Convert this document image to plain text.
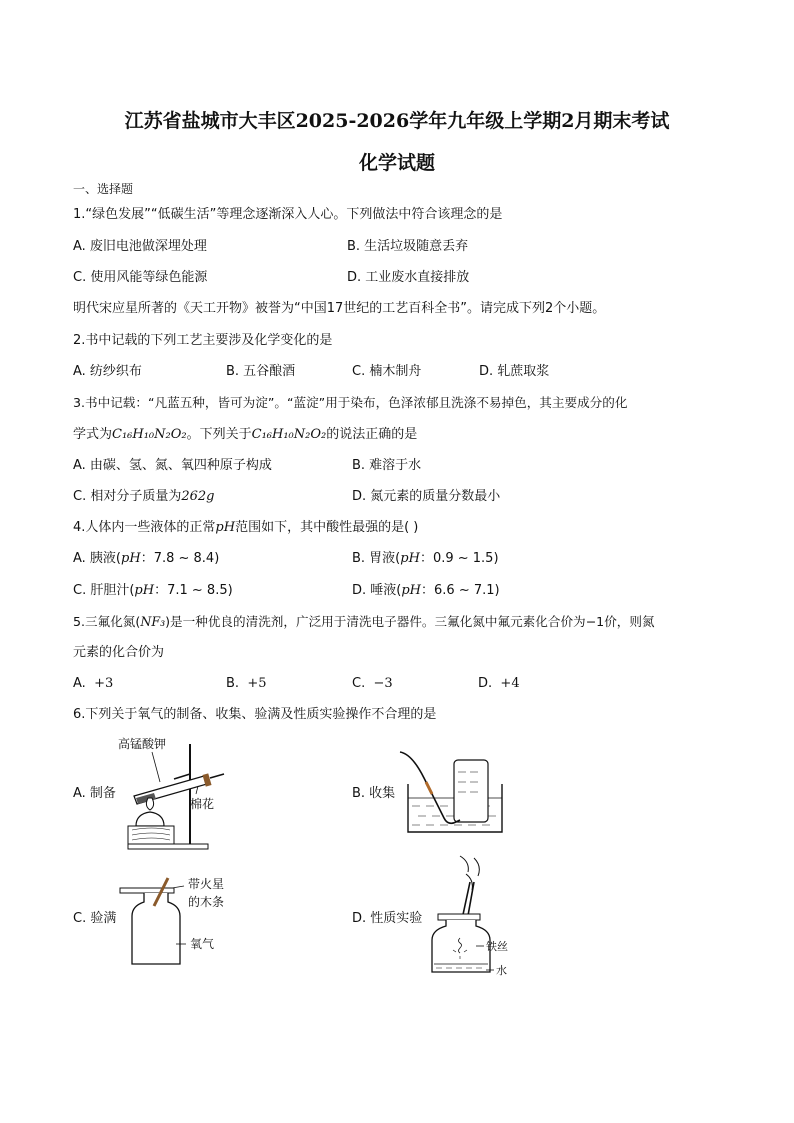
江苏省盐城市大丰区2025-2026学年九年级上学期2月期末考试
化学试题
一、选择题
1.“绿色发展”“低碳生活”等理念逐渐深入人心。下列做法中符合该理念的是
A. 废旧电池做深埋处理	B. 生活垃圾随意丢弃
C. 使用风能等绿色能源	D. 工业废水直接排放
明代宋应星所著的《天工开物》被誉为“中国17世纪的工艺百科全书”。请完成下列2个小题。
2.书中记载的下列工艺主要涉及化学变化的是
A. 纺纱织布	B. 五谷酿酒	C. 楠木制舟	D. 轧蔗取浆
3.书中记载：“凡蓝五种，皆可为淀”。“蓝淀”用于染布，色泽浓郁且洗涤不易掉色，其主要成分的化
学式为C₁₆H₁₀N₂O₂。下列关于C₁₆H₁₀N₂O₂的说法正确的是
A. 由碳、氢、氮、氧四种原子构成	B. 难溶于水
C. 相对分子质量为262g	D. 氮元素的质量分数最小
4.人体内一些液体的正常pH范围如下，其中酸性最强的是( )
A. 胰液(pH：7.8 ~ 8.4)	B. 胃液(pH：0.9 ~ 1.5)
C. 肝胆汁(pH：7.1 ~ 8.5)	D. 唾液(pH：6.6 ~ 7.1)
5.三氟化氮(NF₃)是一种优良的清洗剂，广泛用于清洗电子器件。三氟化氮中氟元素化合价为−1价，则氮
元素的化合价为
A. +3	B. +5	C. −3	D. +4
6.下列关于氧气的制备、收集、验满及性质实验操作不合理的是
A. 制备	B. 收集
C. 验满	D. 性质实验
高锰酸钾
棉花
带火星
的木条
氧气	铁丝
水
